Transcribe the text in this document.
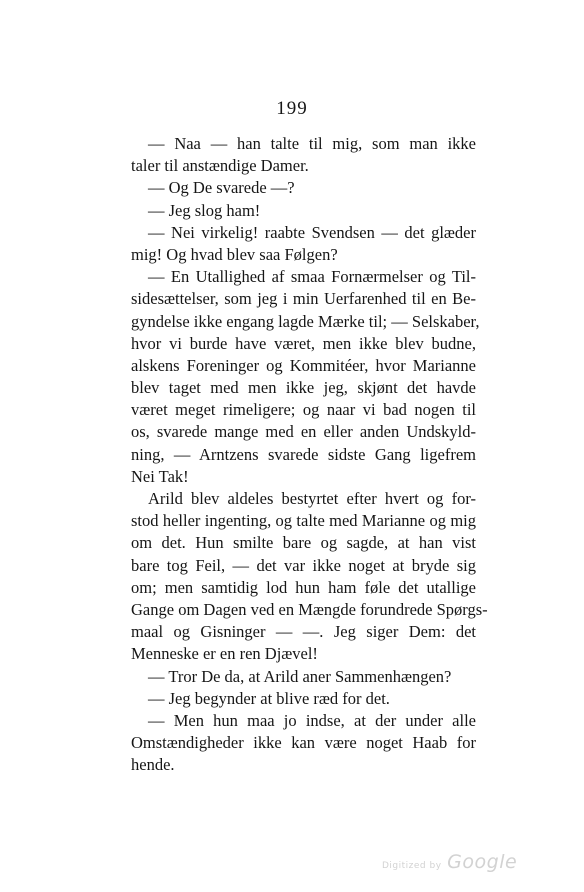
199
— Naa — han talte til mig, som man ikke
taler til anstændige Damer.
— Og De svarede —?
— Jeg slog ham!
— Nei virkelig! raabte Svendsen — det glæder
mig! Og hvad blev saa Følgen?
— En Utallighed af smaa Fornærmelser og Til-
sidesættelser, som jeg i min Uerfarenhed til en Be-
gyndelse ikke engang lagde Mærke til; — Selskaber,
hvor vi burde have været, men ikke blev budne,
alskens Foreninger og Kommitéer, hvor Marianne
blev taget med men ikke jeg, skjønt det havde
været meget rimeligere; og naar vi bad nogen til
os, svarede mange med en eller anden Undskyld-
ning, — Arntzens svarede sidste Gang ligefrem
Nei Tak!
Arild blev aldeles bestyrtet efter hvert og for-
stod heller ingenting, og talte med Marianne og mig
om det. Hun smilte bare og sagde, at han vist
bare tog Feil, — det var ikke noget at bryde sig
om; men samtidig lod hun ham føle det utallige
Gange om Dagen ved en Mængde forundrede Spørgs-
maal og Gisninger — —. Jeg siger Dem: det
Menneske er en ren Djævel!
— Tror De da, at Arild aner Sammenhængen?
— Jeg begynder at blive ræd for det.
— Men hun maa jo indse, at der under alle
Omstændigheder ikke kan være noget Haab for
hende.
Digitized by Google
